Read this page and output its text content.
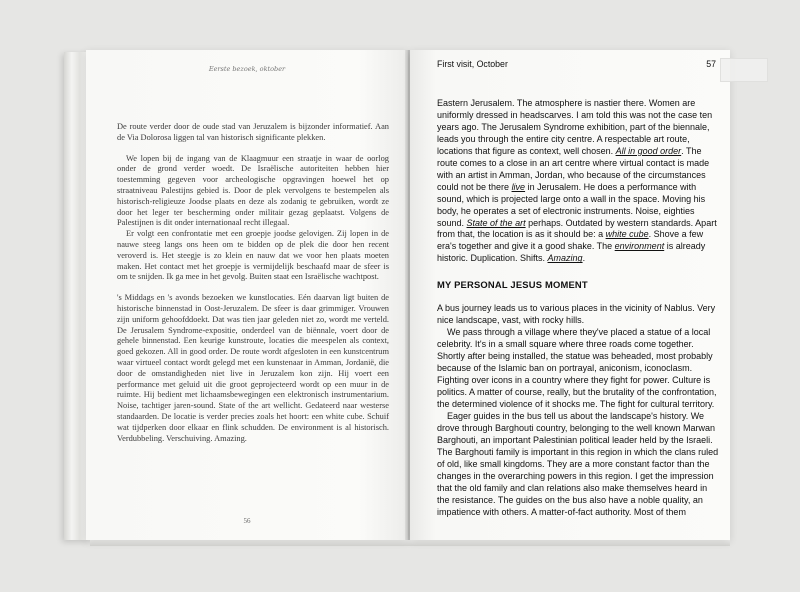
Eerste bezoek, oktober

De route verder door de oude stad van Jeruzalem is bijzonder informatief. Aan de Via Dolorosa liggen tal van historisch significante plekken.

We lopen bij de ingang van de Klaagmuur een straatje in waar de oorlog onder de grond verder woedt. De Israëlische autoriteiten hebben hier toestemming gegeven voor archeologische opgravingen hoewel het op straatniveau Palestijns gebied is. Door de plek vervolgens te bestempelen als historisch-religieuze Joodse plaats en deze als zodanig te gebruiken, wordt ze door het leger ter bescherming onder militair gezag geplaatst. Volgens de Palestijnen is dit onder internationaal recht illegaal.

Er volgt een confrontatie met een groepje joodse gelovigen. Zij lopen in de nauwe steeg langs ons heen om te bidden op de plek die door hen recent veroverd is. Het steegje is zo klein en nauw dat we voor hen plaats moeten maken. Het contact met het groepje is vermijdelijk beschaafd maar de sfeer is om te snijden. Ik ga mee in het gevolg. Buiten staat een Israëlische wachtpost.

's Middags en 's avonds bezoeken we kunstlocaties. Eén daarvan ligt buiten de historische binnenstad in Oost-Jeruzalem. De sfeer is daar grimmiger. Vrouwen zijn uniform gehoofddoekt. Dat was tien jaar geleden niet zo, wordt me verteld. De Jerusalem Syndrome-expositie, onderdeel van de biënnale, voert door de gehele binnenstad. Een keurige kunstroute, locaties die meespelen als context, goed gekozen. All in good order. De route wordt afgesloten in een kunstcentrum waar virtueel contact wordt gelegd met een kunstenaar in Amman, Jordanië, die door de omstandigheden niet live in Jeruzalem kon zijn. Hij voert een performance met geluid uit die groot geprojecteerd wordt op een muur in de ruimte. Hij bedient met lichaamsbewegingen een elektronisch instrumentarium. Noise, tachtiger jaren-sound. State of the art wellicht. Gedateerd naar westerse standaarden. De locatie is verder precies zoals het hoort: een white cube. Schuif wat tijdperken door elkaar en flink schudden. De environment is al historisch. Verdubbeling. Verschuiving. Amazing.

56
First visit, October	57

Eastern Jerusalem. The atmosphere is nastier there. Women are uniformly dressed in headscarves. I am told this was not the case ten years ago. The Jerusalem Syndrome exhibition, part of the biennale, leads you through the entire city centre. A respectable art route, locations that figure as context, well chosen. All in good order. The route comes to a close in an art centre where virtual contact is made with an artist in Amman, Jordan, who because of the circumstances could not be there live in Jerusalem. He does a performance with sound, which is projected large onto a wall in the space. Moving his body, he operates a set of electronic instruments. Noise, eighties sound. State of the art perhaps. Outdated by western standards. Apart from that, the location is as it should be: a white cube. Shove a few era's together and give it a good shake. The environment is already historic. Duplication. Shifts. Amazing.

MY PERSONAL JESUS MOMENT

A bus journey leads us to various places in the vicinity of Nablus. Very nice landscape, vast, with rocky hills.

We pass through a village where they've placed a statue of a local celebrity. It's in a small square where three roads come together. Shortly after being installed, the statue was beheaded, most probably because of the Islamic ban on portrayal, aniconism, iconoclasm. Fighting over icons in a country where they fight for power. Culture is politics. A matter of course, really, but the brutality of the confrontation, the determined violence of it shocks me. The fight for cultural territory.

Eager guides in the bus tell us about the landscape's history. We drove through Barghouti country, belonging to the well known Marwan Barghouti, an important Palestinian political leader held by the Israeli. The Barghouti family is important in this region in which the clans ruled of old, like small kingdoms. They are a more constant factor than the changes in the overarching powers in this region. I get the impression that the old family and clan relations also make themselves heard in the resistance. The guides on the bus also have a noble quality, an impatience with others. A matter-of-fact authority. Most of them
